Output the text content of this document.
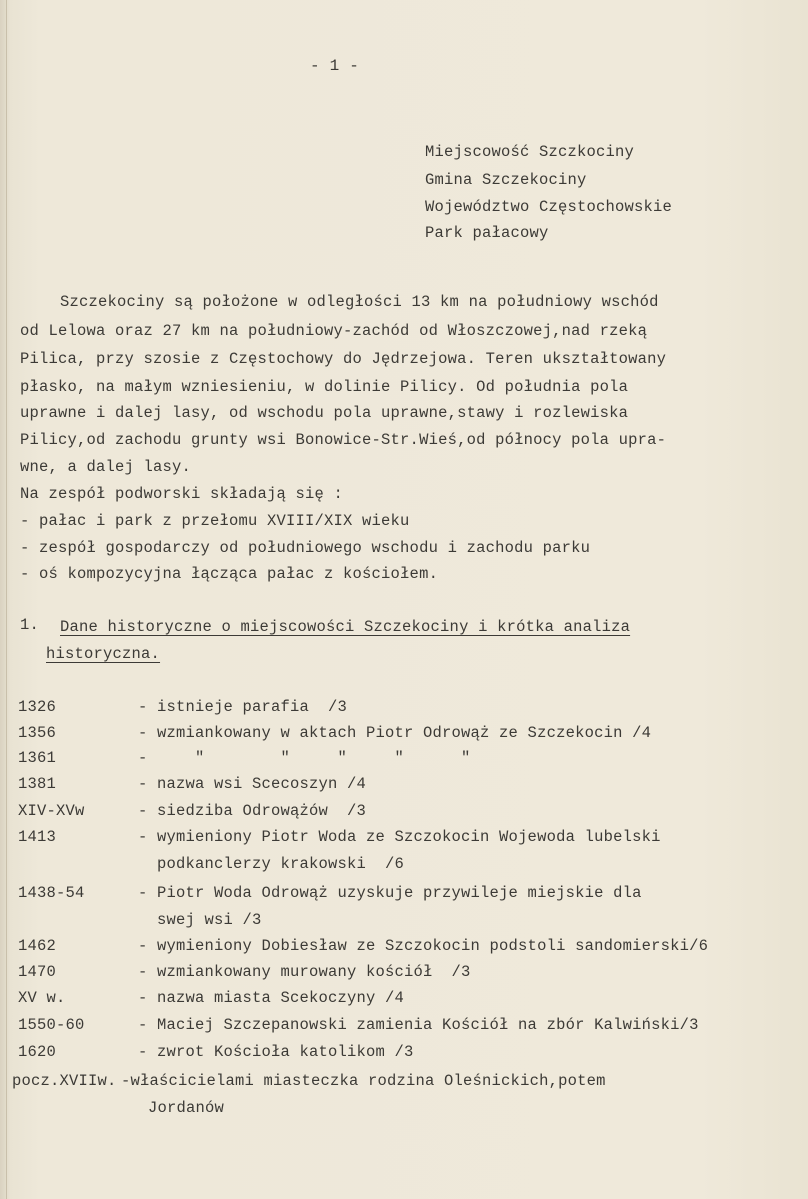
- 1 -
Miejscowość Szczkociny
Gmina Szczekociny
Województwo Częstochowskie
Park pałacowy
Szczekociny są położone w odległości 13 km na południowy wschód
od Lelowa oraz 27 km na południowy-zachód od Włoszczowej,nad rzeką
Pilica, przy szosie z Częstochowy do Jędrzejowa. Teren ukształtowany
płasko, na małym wzniesieniu, w dolinie Pilicy. Od południa pola
uprawne i dalej lasy, od wschodu pola uprawne,stawy i rozlewiska
Pilicy,od zachodu grunty wsi Bonowice-Str.Wieś,od północy pola upra-
wne, a dalej lasy.
Na zespół podworski składają się :
- pałac i park z przełomu XVIII/XIX wieku
- zespół gospodarczy od południowego wschodu i zachodu parku
- oś kompozycyjna łącząca pałac z kościołem.
1. Dane historyczne o miejscowości Szczekociny i krótka analiza
historyczna.
1326	- istnieje parafia  /3
1356	- wzmiankowany w aktach Piotr Odrowąż ze Szczekocin /4
1361	-     "        "     "     "      "
1381	- nazwa wsi Scecoszyn /4
XIV-XVw	- siedziba Odrowążów  /3
1413	- wymieniony Piotr Woda ze Szczokocin Wojewoda lubelski
podkanclerzy krakowski  /6
1438-54	- Piotr Woda Odrowąż uzyskuje przywileje miejskie dla
swej wsi /3
1462	- wymieniony Dobiesław ze Szczokocin podstoli sandomierski/6
1470	- wzmiankowany murowany kościół  /3
XV w.	- nazwa miasta Scekoczyny /4
1550-60	- Maciej Szczepanowski zamienia Kościół na zbór Kalwiński/3
1620	- zwrot Kościoła katolikom /3
pocz.XVIIw. -właścicielami miasteczka rodzina Oleśnickich,potem
Jordanów
